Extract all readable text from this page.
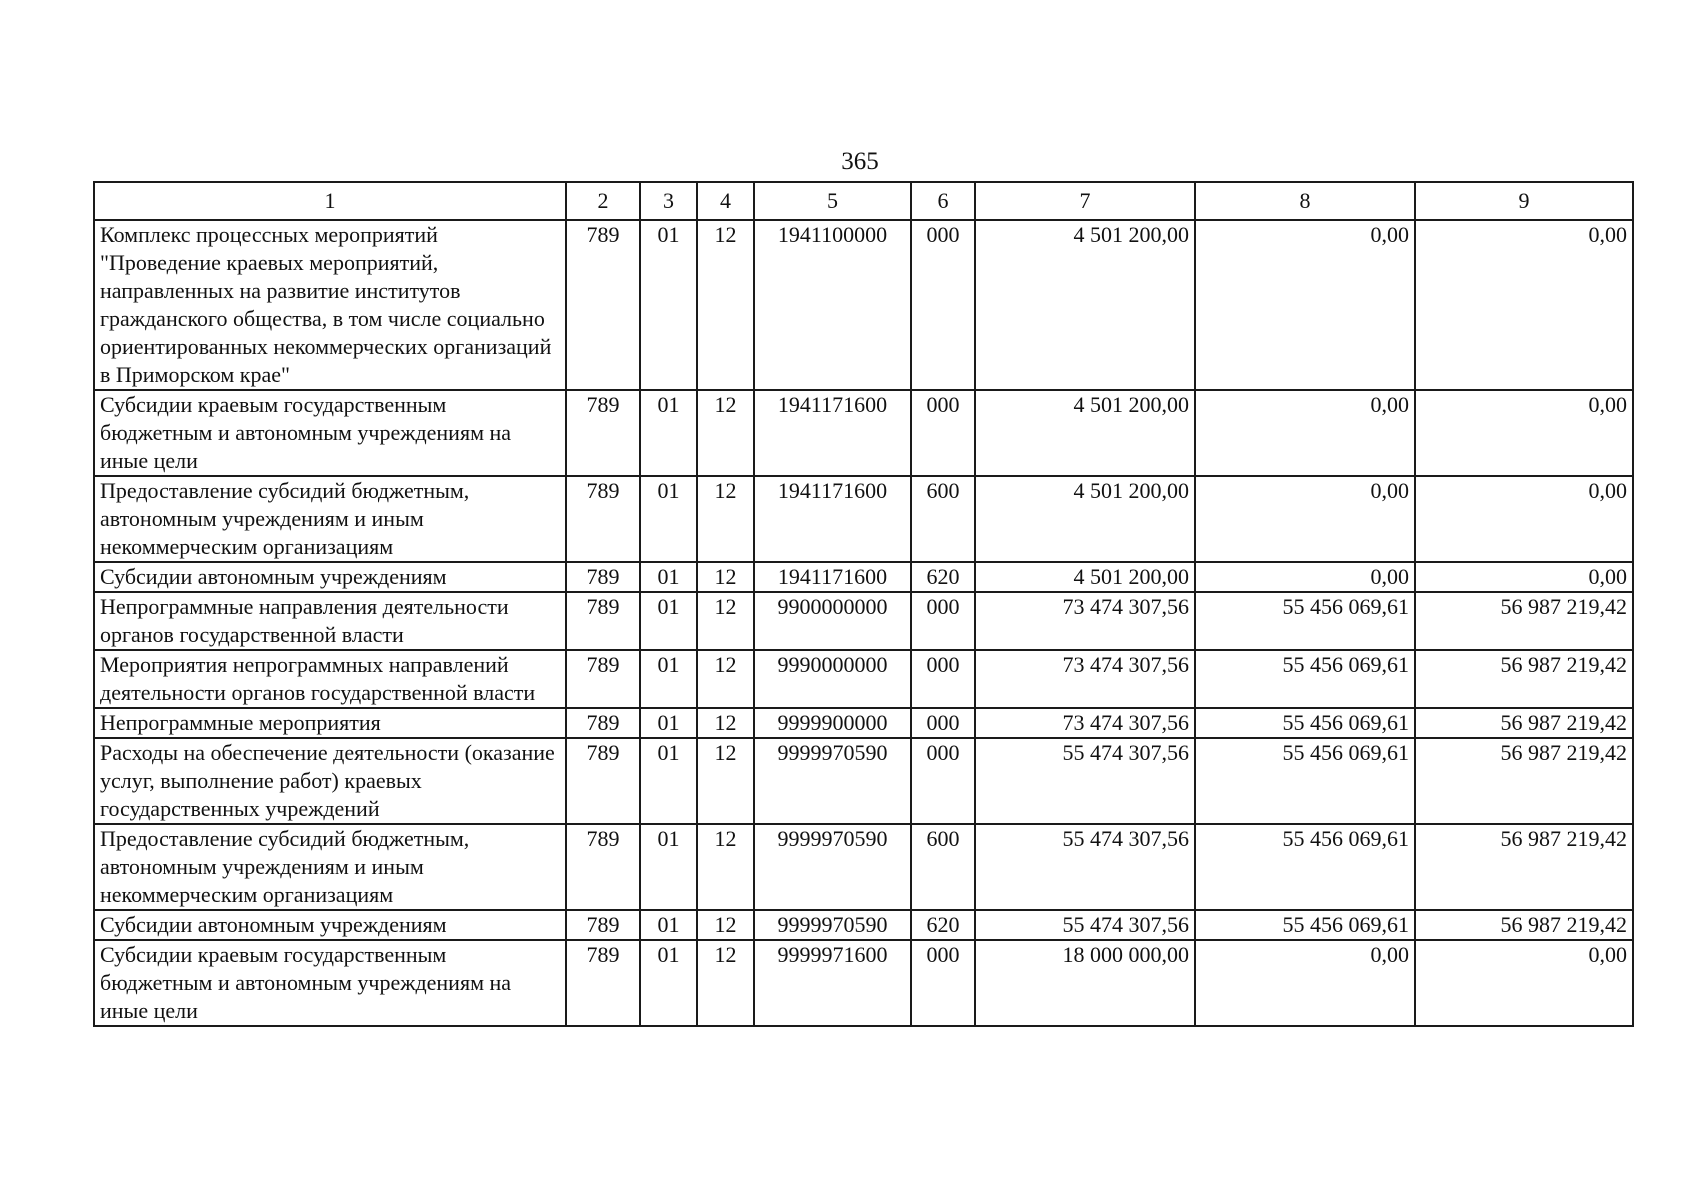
365
1	2	3	4	5	6	7	8	9
Комплекс процессных мероприятий "Проведение краевых мероприятий, направленных на развитие институтов гражданского общества, в том числе социально ориентированных некоммерческих организаций в Приморском крае"	789	01	12	1941100000	000	4 501 200,00	0,00	0,00
Субсидии краевым государственным бюджетным и автономным учреждениям на иные цели	789	01	12	1941171600	000	4 501 200,00	0,00	0,00
Предоставление субсидий бюджетным, автономным учреждениям и иным некоммерческим организациям	789	01	12	1941171600	600	4 501 200,00	0,00	0,00
Субсидии автономным учреждениям	789	01	12	1941171600	620	4 501 200,00	0,00	0,00
Непрограммные направления деятельности органов государственной власти	789	01	12	9900000000	000	73 474 307,56	55 456 069,61	56 987 219,42
Мероприятия непрограммных направлений деятельности органов государственной власти	789	01	12	9990000000	000	73 474 307,56	55 456 069,61	56 987 219,42
Непрограммные мероприятия	789	01	12	9999900000	000	73 474 307,56	55 456 069,61	56 987 219,42
Расходы на обеспечение деятельности (оказание услуг, выполнение работ) краевых государственных учреждений	789	01	12	9999970590	000	55 474 307,56	55 456 069,61	56 987 219,42
Предоставление субсидий бюджетным, автономным учреждениям и иным некоммерческим организациям	789	01	12	9999970590	600	55 474 307,56	55 456 069,61	56 987 219,42
Субсидии автономным учреждениям	789	01	12	9999970590	620	55 474 307,56	55 456 069,61	56 987 219,42
Субсидии краевым государственным бюджетным и автономным учреждениям на иные цели	789	01	12	9999971600	000	18 000 000,00	0,00	0,00
